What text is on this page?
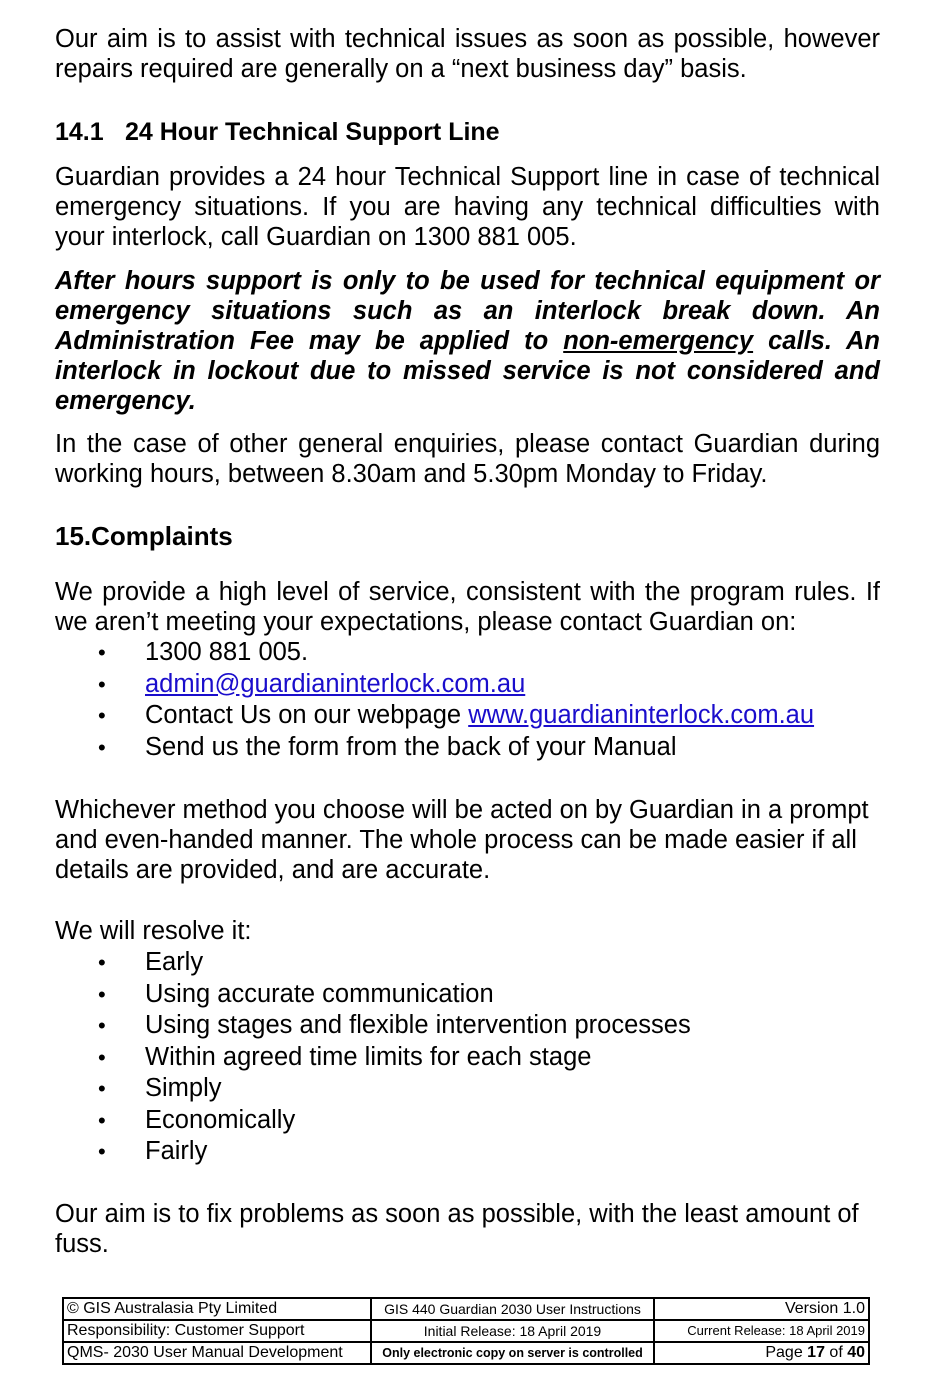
Our aim is to assist with technical issues as soon as possible, however repairs required are generally on a “next business day” basis.

14.1 24 Hour Technical Support Line

Guardian provides a 24 hour Technical Support line in case of technical emergency situations. If you are having any technical difficulties with your interlock, call Guardian on 1300 881 005.

After hours support is only to be used for technical equipment or emergency situations such as an interlock break down. An Administration Fee may be applied to non-emergency calls. An interlock in lockout due to missed service is not considered and emergency.

In the case of other general enquiries, please contact Guardian during working hours, between 8.30am and 5.30pm Monday to Friday.

15.Complaints

We provide a high level of service, consistent with the program rules. If we aren’t meeting your expectations, please contact Guardian on:

• 1300 881 005.
• admin@guardianinterlock.com.au
• Contact Us on our webpage www.guardianinterlock.com.au
• Send us the form from the back of your Manual

Whichever method you choose will be acted on by Guardian in a prompt and even-handed manner. The whole process can be made easier if all details are provided, and are accurate.

We will resolve it:

• Early
• Using accurate communication
• Using stages and flexible intervention processes
• Within agreed time limits for each stage
• Simply
• Economically
• Fairly

Our aim is to fix problems as soon as possible, with the least amount of fuss.

© GIS Australasia Pty Limited	GIS 440 Guardian 2030 User Instructions	Version 1.0
Responsibility: Customer Support	Initial Release: 18 April 2019	Current Release: 18 April 2019
QMS- 2030 User Manual Development	Only electronic copy on server is controlled	Page 17 of 40
